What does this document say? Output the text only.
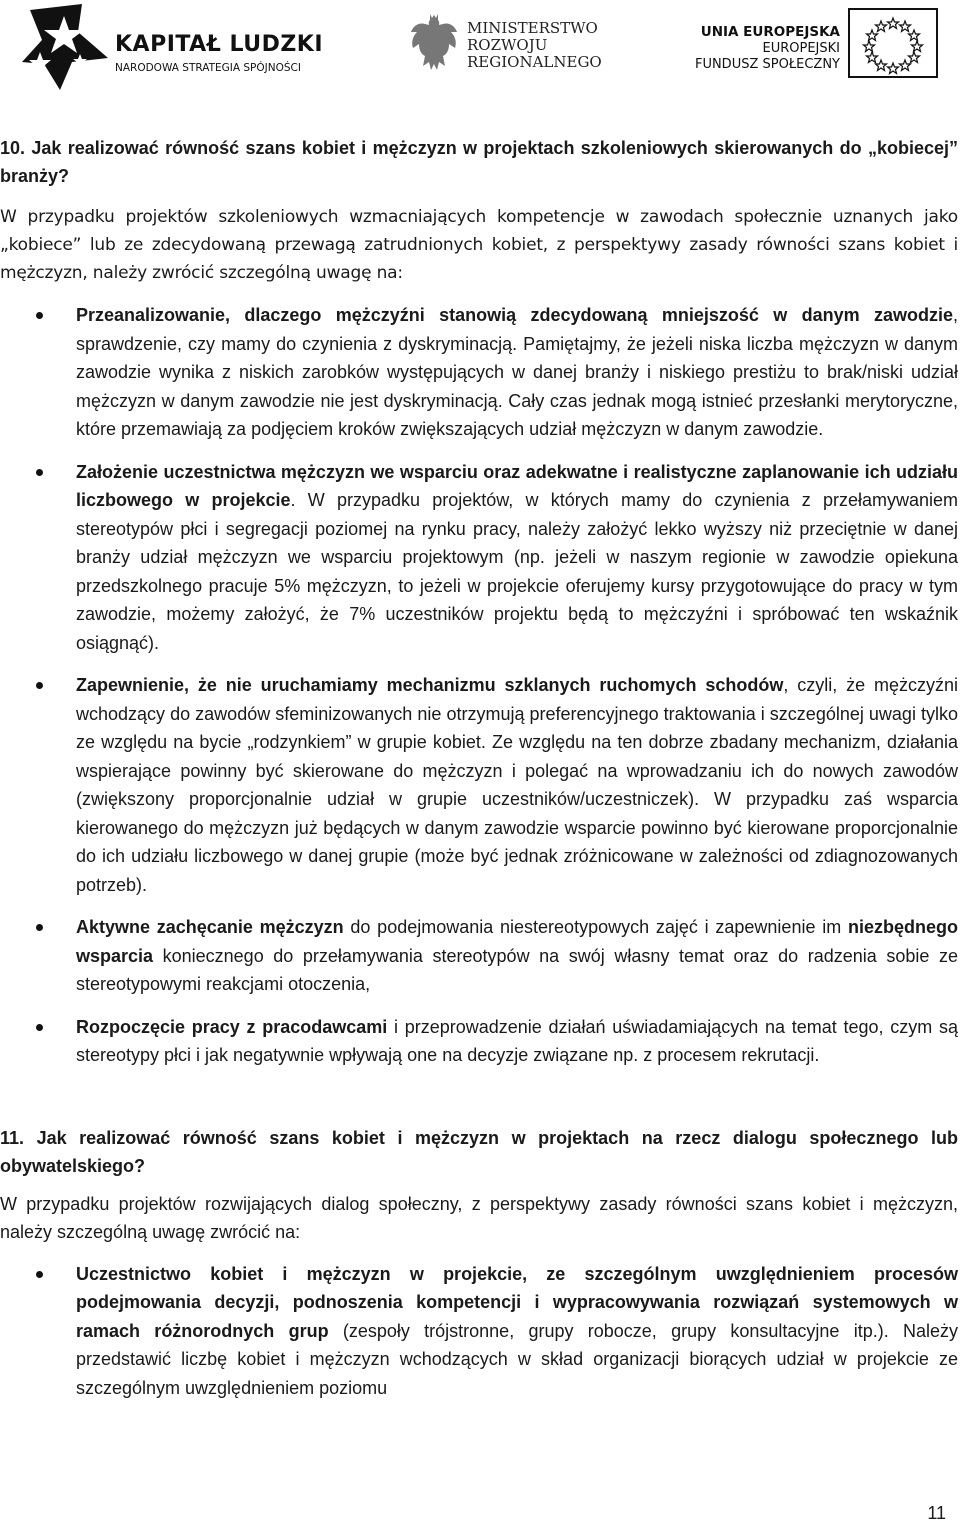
KAPITAŁ LUDZKI
NARODOWA STRATEGIA SPÓJNOŚCI
MINISTERSTWO
ROZWOJU
REGIONALNEGO
UNIA EUROPEJSKA
EUROPEJSKI
FUNDUSZ SPOŁECZNY

10. Jak realizować równość szans kobiet i mężczyzn w projektach szkoleniowych skierowanych do „kobiecej” branży?

W przypadku projektów szkoleniowych wzmacniających kompetencje w zawodach społecznie uznanych jako „kobiece” lub ze zdecydowaną przewagą zatrudnionych kobiet, z perspektywy zasady równości szans kobiet i mężczyzn, należy zwrócić szczególną uwagę na:

Przeanalizowanie, dlaczego mężczyźni stanowią zdecydowaną mniejszość w danym zawodzie, sprawdzenie, czy mamy do czynienia z dyskryminacją. Pamiętajmy, że jeżeli niska liczba mężczyzn w danym zawodzie wynika z niskich zarobków występujących w danej branży i niskiego prestiżu to brak/niski udział mężczyzn w danym zawodzie nie jest dyskryminacją. Cały czas jednak mogą istnieć przesłanki merytoryczne, które przemawiają za podjęciem kroków zwiększających udział mężczyzn w danym zawodzie.
Założenie uczestnictwa mężczyzn we wsparciu oraz adekwatne i realistyczne zaplanowanie ich udziału liczbowego w projekcie. W przypadku projektów, w których mamy do czynienia z przełamywaniem stereotypów płci i segregacji poziomej na rynku pracy, należy założyć lekko wyższy niż przeciętnie w danej branży udział mężczyzn we wsparciu projektowym (np. jeżeli w naszym regionie w zawodzie opiekuna przedszkolnego pracuje 5% mężczyzn, to jeżeli w projekcie oferujemy kursy przygotowujące do pracy w tym zawodzie, możemy założyć, że 7% uczestników projektu będą to mężczyźni i spróbować ten wskaźnik osiągnąć).
Zapewnienie, że nie uruchamiamy mechanizmu szklanych ruchomych schodów, czyli, że mężczyźni wchodzący do zawodów sfeminizowanych nie otrzymują preferencyjnego traktowania i szczególnej uwagi tylko ze względu na bycie „rodzynkiem” w grupie kobiet. Ze względu na ten dobrze zbadany mechanizm, działania wspierające powinny być skierowane do mężczyzn i polegać na wprowadzaniu ich do nowych zawodów (zwiększony proporcjonalnie udział w grupie uczestników/uczestniczek). W przypadku zaś wsparcia kierowanego do mężczyzn już będących w danym zawodzie wsparcie powinno być kierowane proporcjonalnie do ich udziału liczbowego w danej grupie (może być jednak zróżnicowane w zależności od zdiagnozowanych potrzeb).
Aktywne zachęcanie mężczyzn do podejmowania niestereotypowych zajęć i zapewnienie im niezbędnego wsparcia koniecznego do przełamywania stereotypów na swój własny temat oraz do radzenia sobie ze stereotypowymi reakcjami otoczenia,
Rozpoczęcie pracy z pracodawcami i przeprowadzenie działań uświadamiających na temat tego, czym są stereotypy płci i jak negatywnie wpływają one na decyzje związane np. z procesem rekrutacji.

11. Jak realizować równość szans kobiet i mężczyzn w projektach na rzecz dialogu społecznego lub obywatelskiego?

W przypadku projektów rozwijających dialog społeczny, z perspektywy zasady równości szans kobiet i mężczyzn, należy szczególną uwagę zwrócić na:

Uczestnictwo kobiet i mężczyzn w projekcie, ze szczególnym uwzględnieniem procesów podejmowania decyzji, podnoszenia kompetencji i wypracowywania rozwiązań systemowych w ramach różnorodnych grup (zespoły trójstronne, grupy robocze, grupy konsultacyjne itp.). Należy przedstawić liczbę kobiet i mężczyzn wchodzących w skład organizacji biorących udział w projekcie ze szczególnym uwzględnieniem poziomu
11
